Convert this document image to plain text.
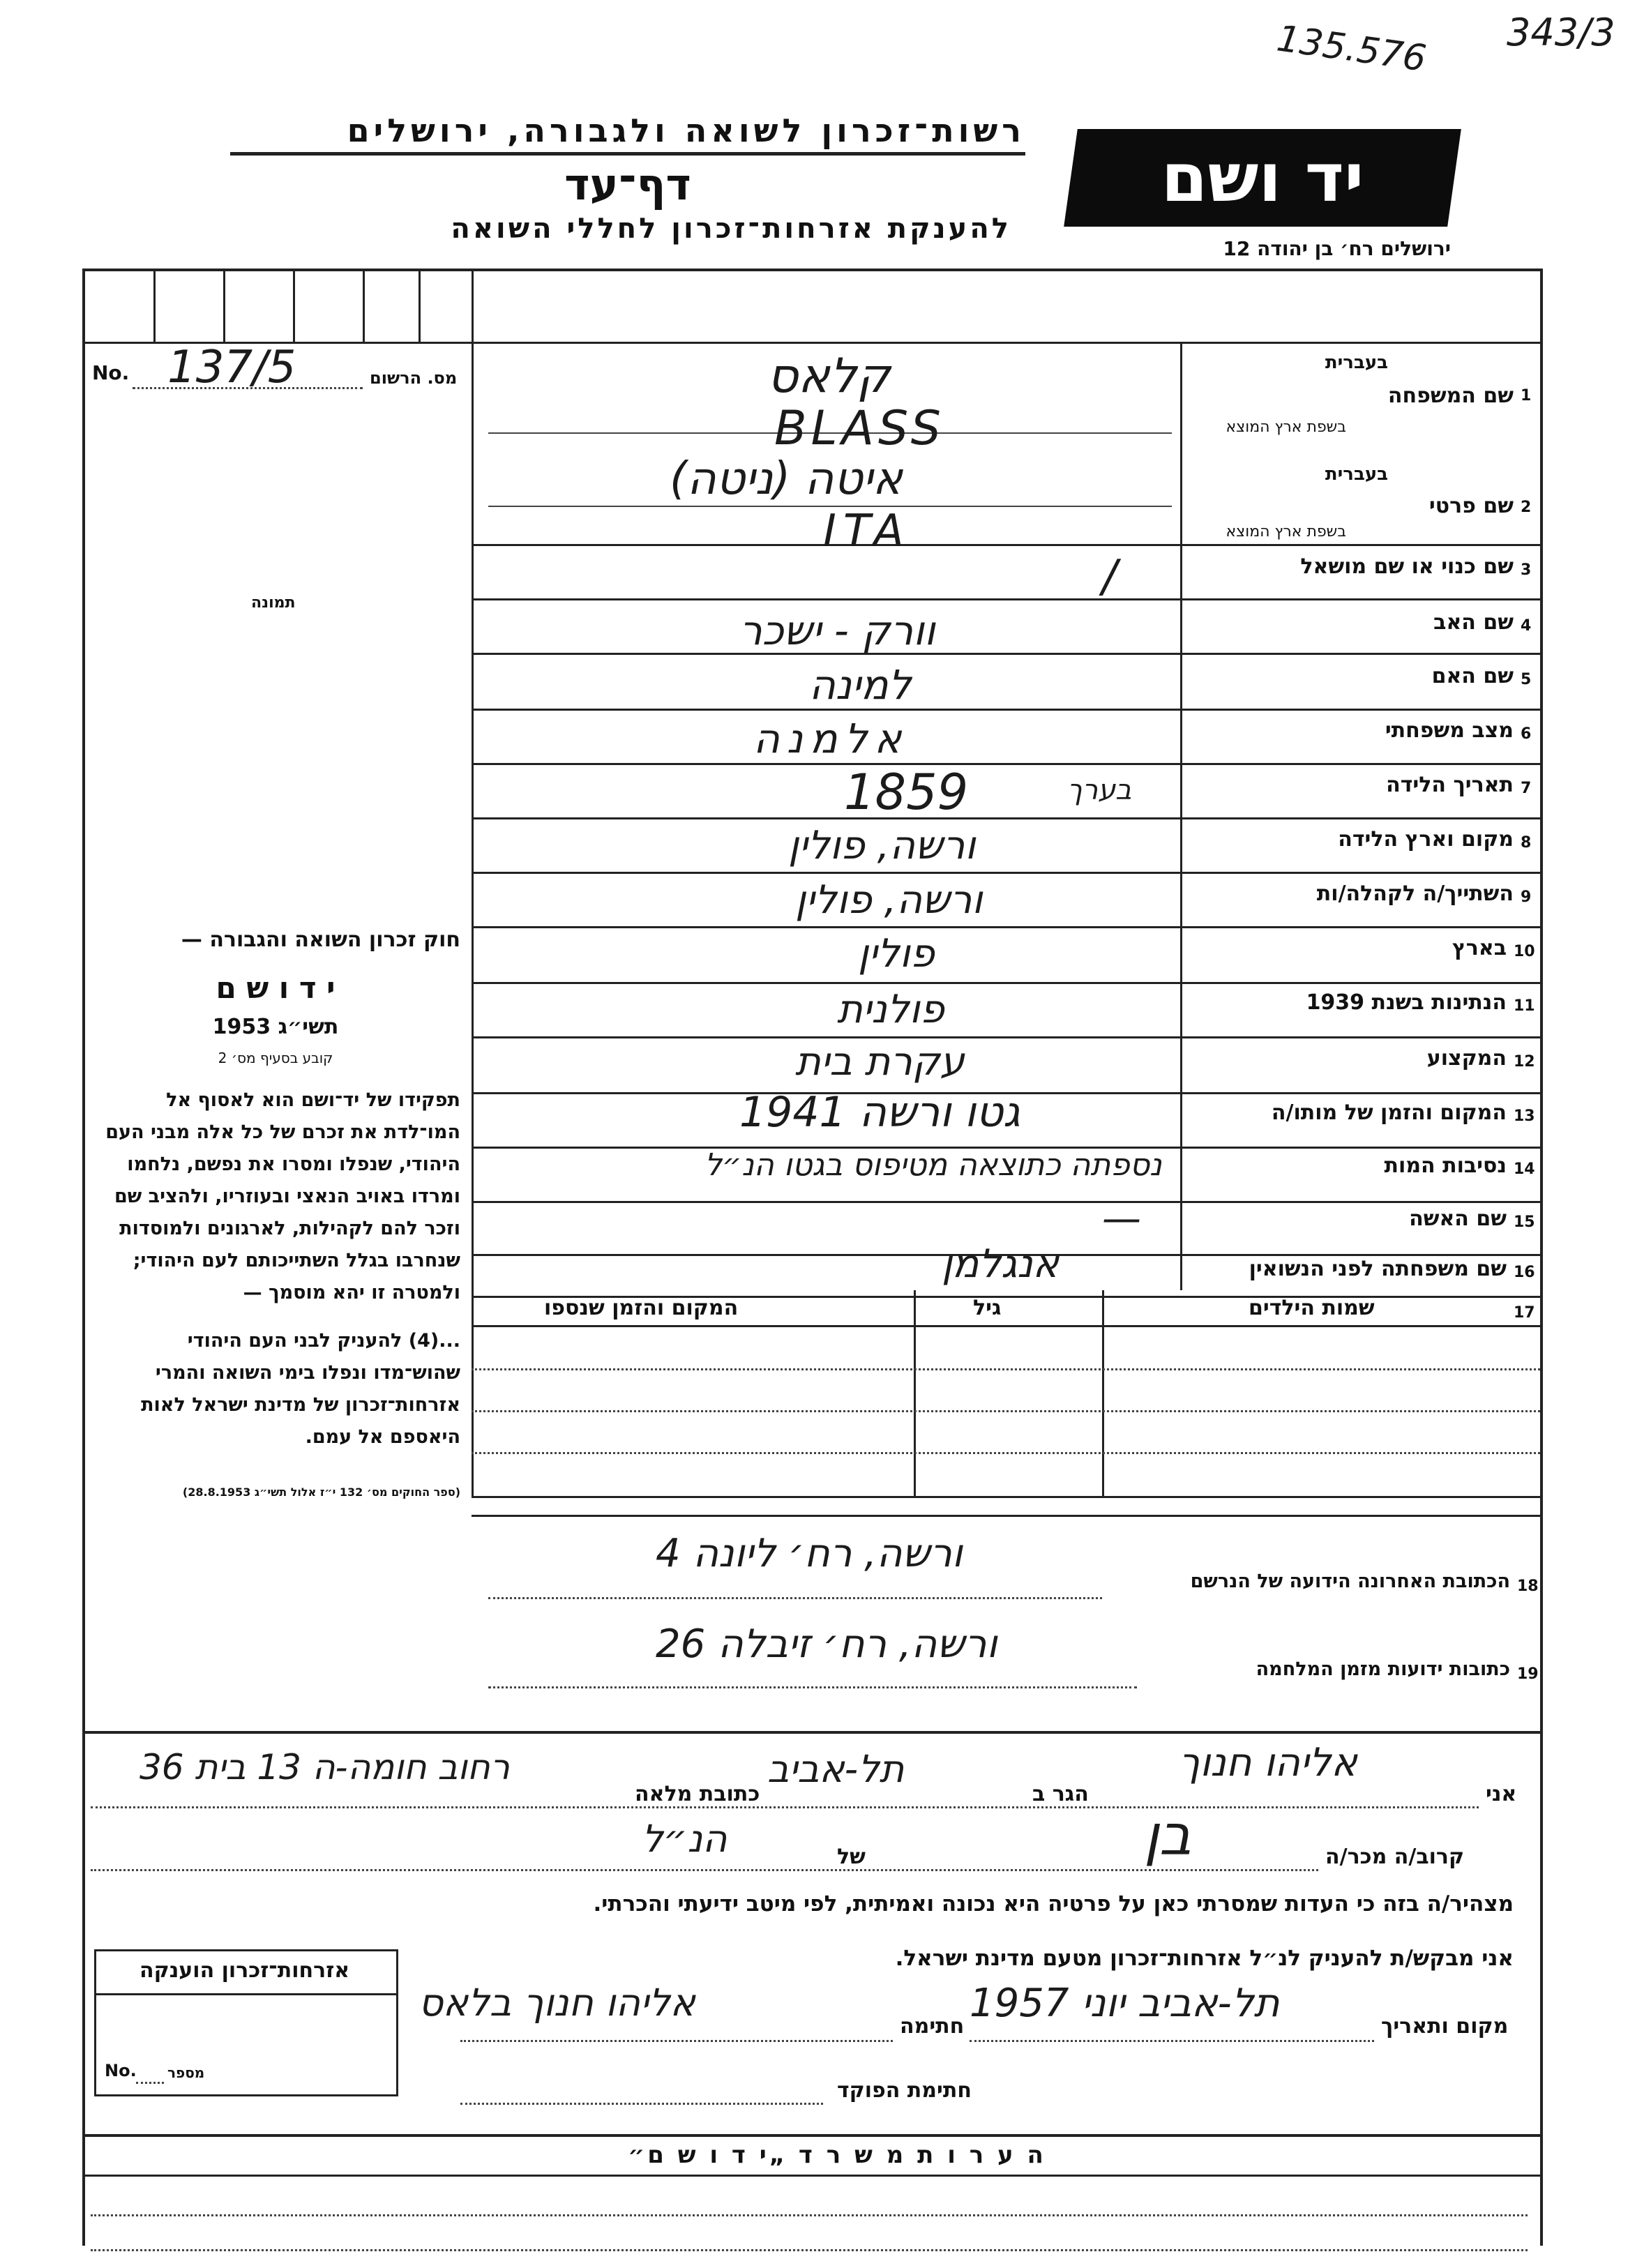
135.576 343/3
רשות־זכרון לשואה ולגבורה, ירושלים
דף־עד
להענקת אזרחות־זכרון לחללי השואה
יד ושם
ירושלים רח׳ בן יהודה 12
No. 137/5	מס. הרשום
תמונה
1
שם המשפחה
בעברית
בשפת ארץ המוצא
קלאס
BLASS
2
שם פרטי
בעברית
בשפת ארץ המוצא
איטה (ניטה)
ITA
3
שם כנוי או שם מושאל
/
4
שם האב
וורק - ישכר
5
שם האם
למינה
6
מצב משפחתי
אלמנה
7
תאריך הלידה
1859	בערך
8
מקום וארץ הלידה
ורשה, פולין
9
השתייך/ה לקהלה/ות
ורשה, פולין
10
בארץ
פולין
11
הנתינות בשנת 1939
פולנית
12
המקצוע
עקרת בית
13
המקום והזמן של מותו/ה
גטו ורשה 1941
14
נסיבות המות
נספתה כתוצאה מטיפוס בגטו הנ״ל
15
שם האשה
—
16
שם משפחתה לפני הנשואין
אנגלמן
17
שמות הילדים
גיל
המקום והזמן שנספו
חוק זכרון השואה והגבורה —
י ד ו ש ם
תשי״ג 1953
קובע בסעיף מס׳ 2
תפקידו של יד־ושם הוא לאסוף אל המו־לדת את זכרם של כל אלה מבני העם היהודי, שנפלו ומסרו את נפשם, נלחמו ומרדו באויב הנאצי ובעוזריו, ולהציב שם וזכר להם לקהילות, לארגונים ולמוסדות שנחרבו בגלל השתייכותם לעם היהודי; ולמטרה זו יהא מוסמך —
...(4) להעניק לבני העם היהודי שהוש־מדו ונפלו בימי השואה והמרי אזרחות־זכרון של מדינת ישראל לאות היאספם אל עמם.
(ספר החוקים מס׳ 132 י״ז אלול תשי״ג 28.8.1953)
18
הכתובת האחרונה הידועה של הנרשם
ורשה, רח׳ ליונה 4
19
כתובות ידועות מזמן המלחמה
ורשה, רח׳ זיבלה 26
אני
אליהו חנוך
הגר ב
תל-אביב
כתובת מלאה
רחוב חומה-ה 13 בית 36
קרוב/ה מכר/ה
בן
של
הנ״ל
מצהיר/ה בזה כי העדות שמסרתי כאן על פרטיה היא נכונה ואמיתית, לפי מיטב ידיעתי והכרתי.
אני מבקש/ת להעניק לנ״ל אזרחות־זכרון מטעם מדינת ישראל.
מקום ותאריך
תל-אביב יוני 1957
חתימה
אליהו חנוך בלאס
חתימת הפוקד
אזרחות־זכרון הוענקה
No. מספר
ה ע ר ו ת מ ש ר ד „י ד ו ש ם״
